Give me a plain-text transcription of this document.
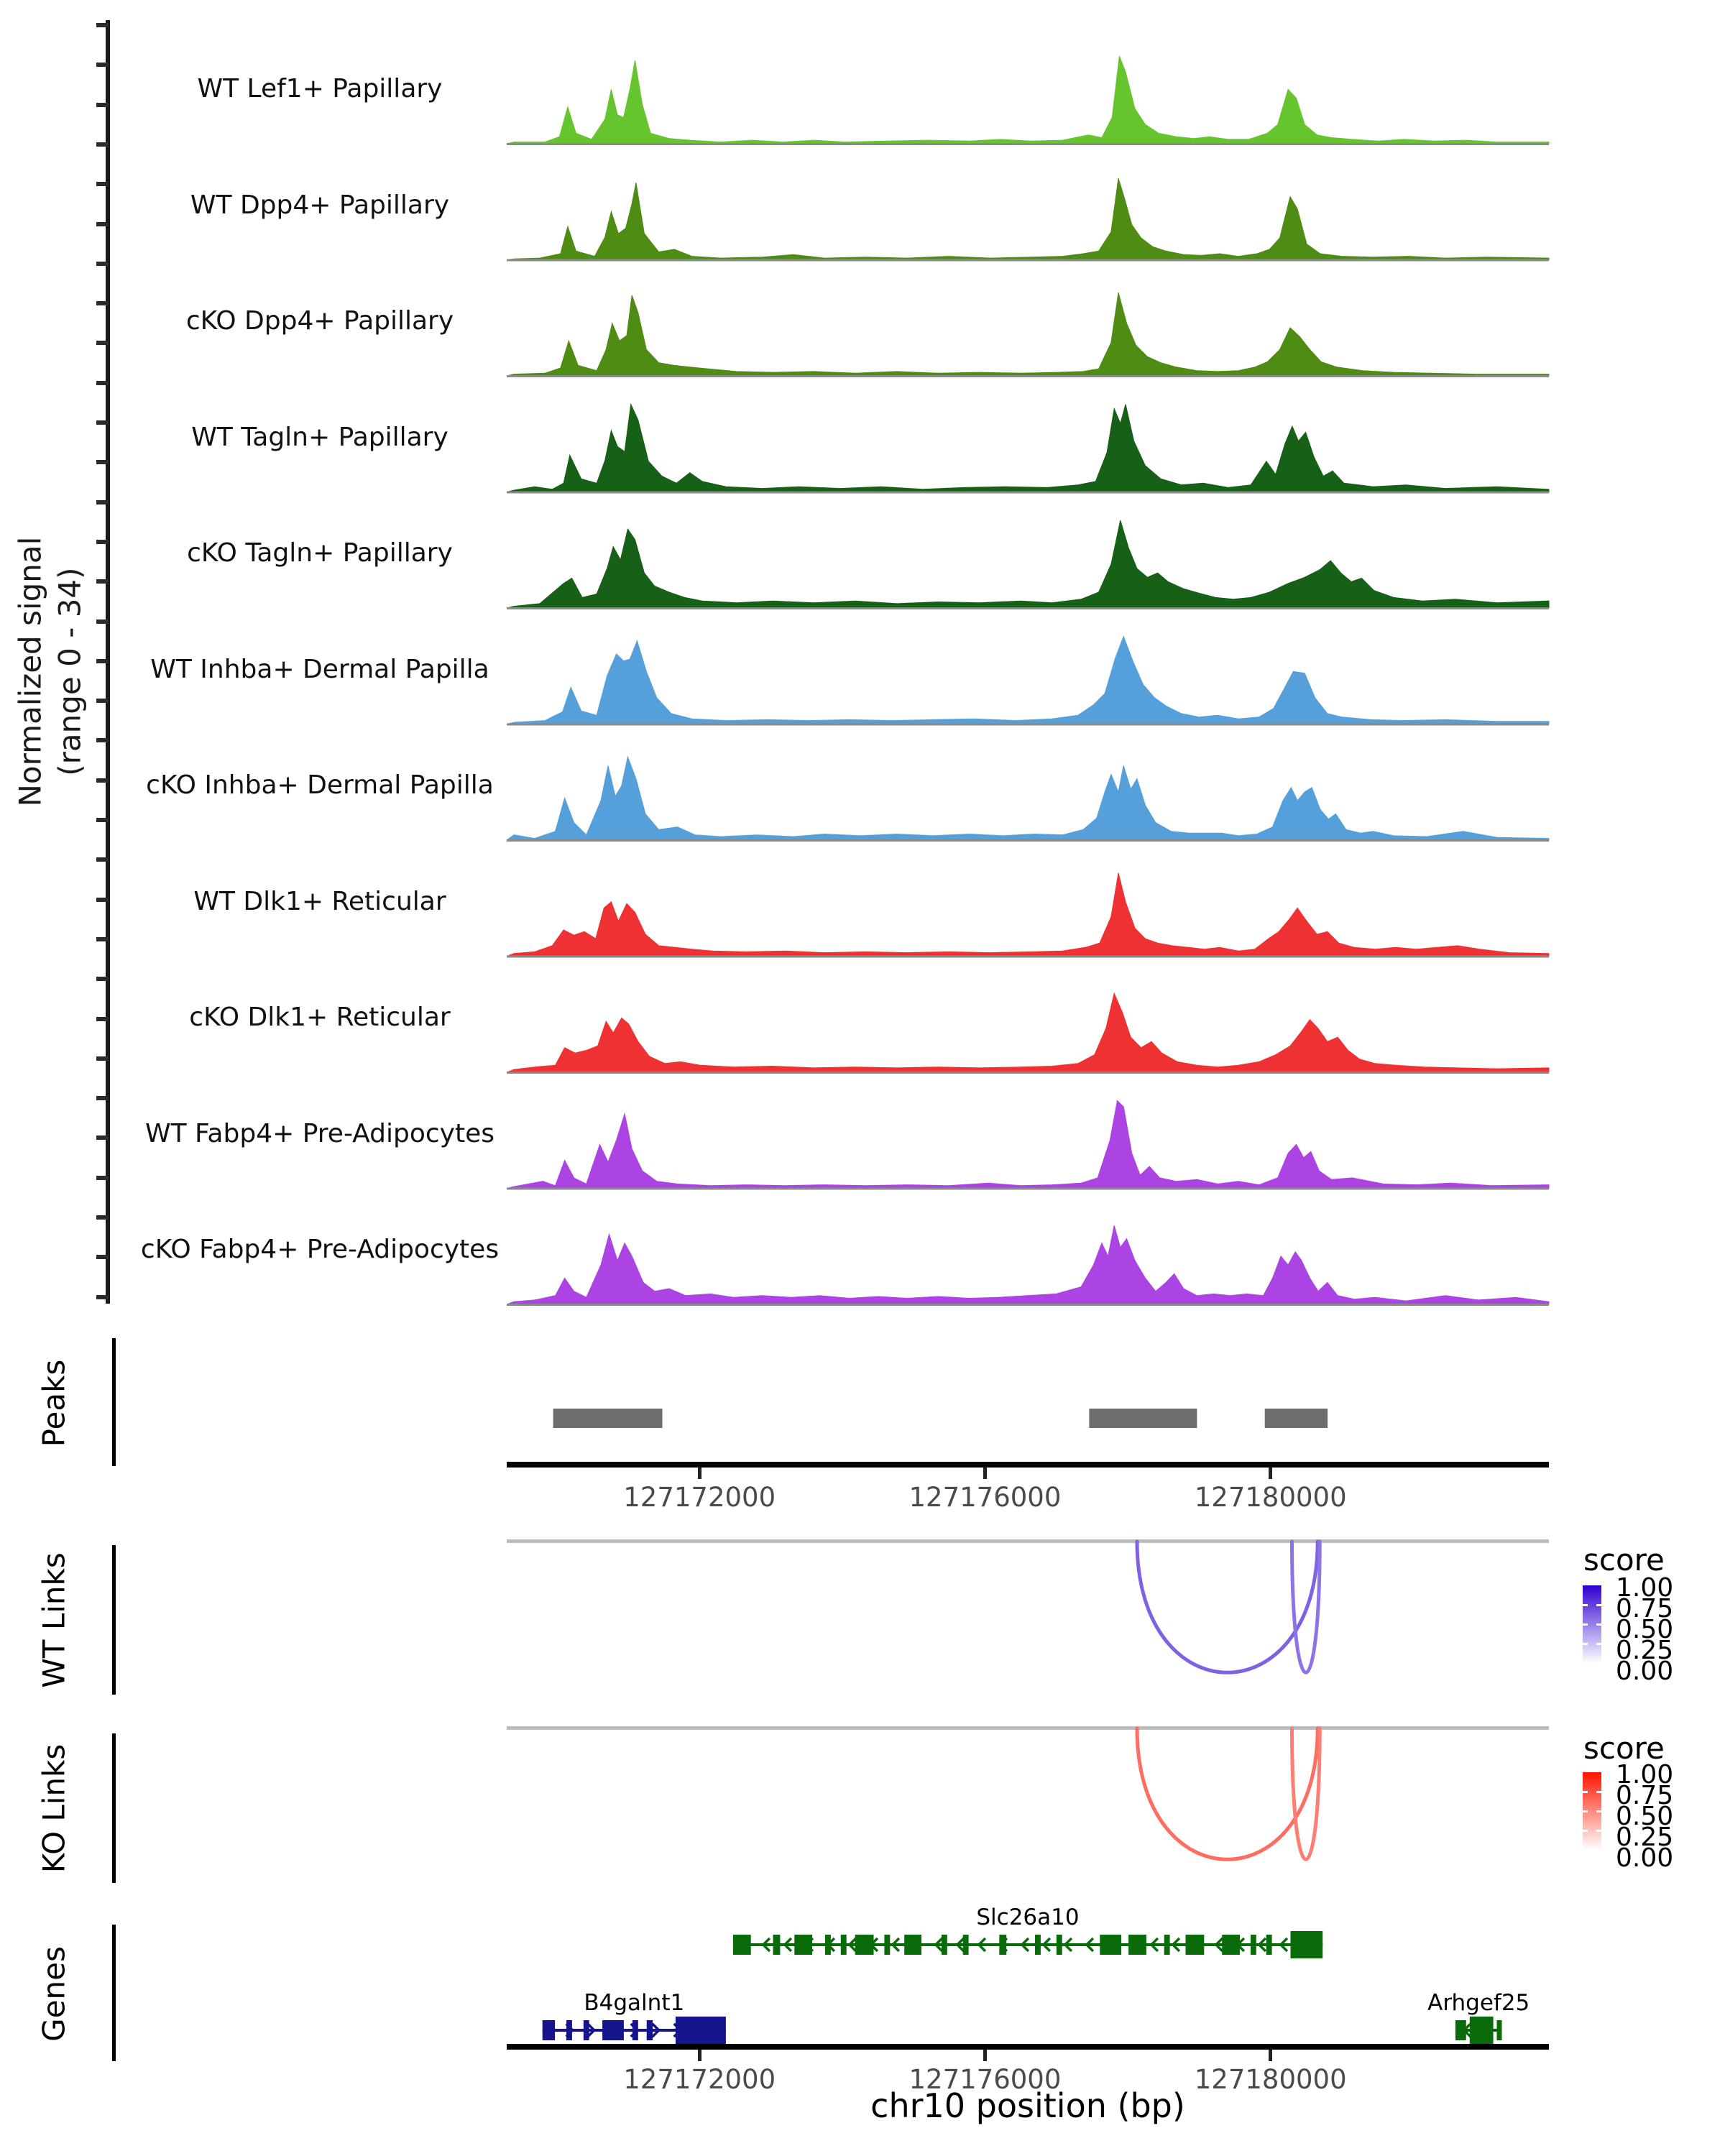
Normalized signal (range 0 - 34)
Peaks
WT Links
KO Links
Genes
Slc26a10
B4galnt1	Arhgef25
WT Lef1+ Papillary
WT Dpp4+ Papillary
cKO Dpp4+ Papillary
WT Tagln+ Papillary
cKO Tagln+ Papillary
WT Inhba+ Dermal Papilla
cKO Inhba+ Dermal Papilla
WT Dlk1+ Reticular
cKO Dlk1+ Reticular
WT Fabp4+ Pre-Adipocytes
cKO Fabp4+ Pre-Adipocytes
127172000	127176000	127180000
127172000	127176000	127180000
score
1.00
0.75
0.50
0.25
0.00
score
1.00
0.75
0.50
0.25
0.00
chr10 position (bp)
